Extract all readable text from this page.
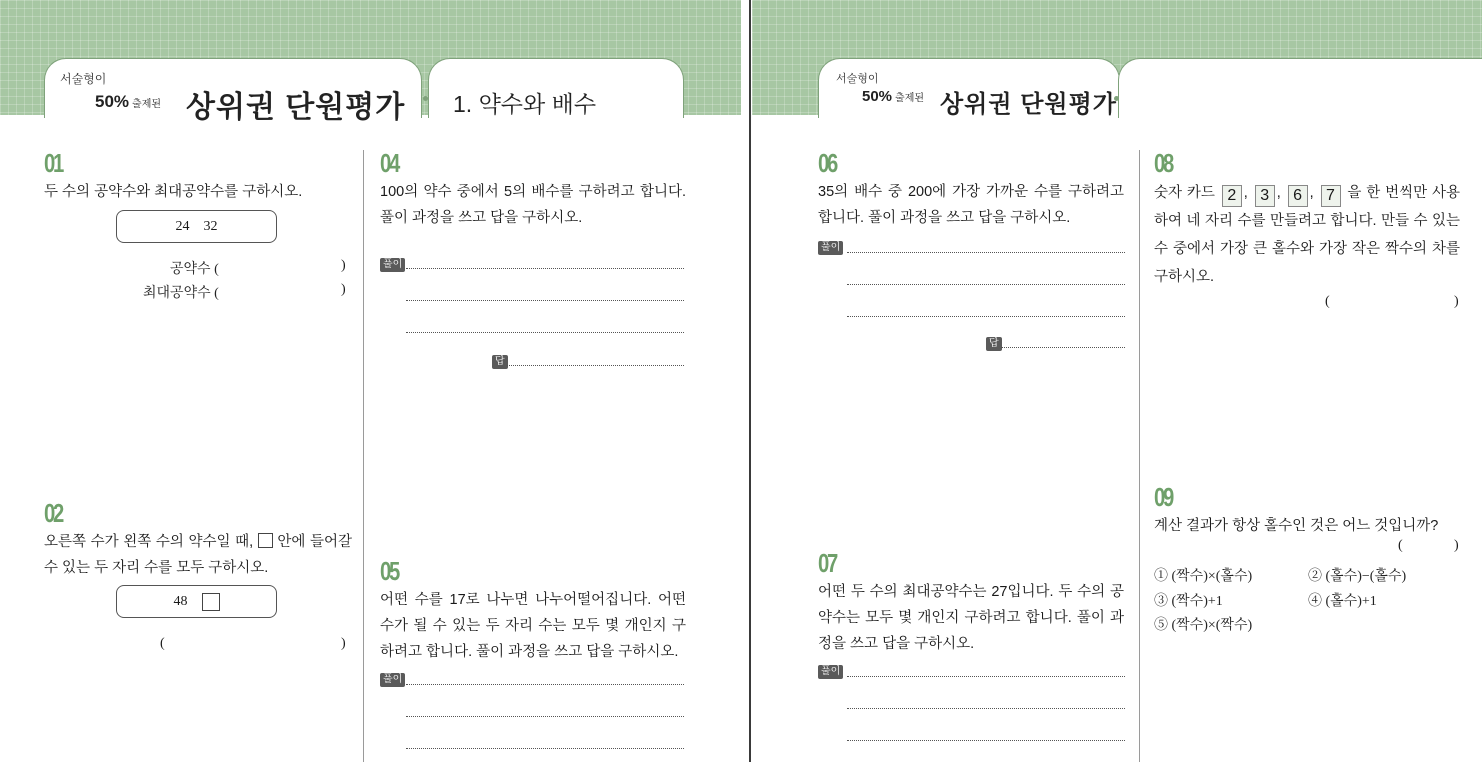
서술형이
50% 출제된 상위권 단원평가 1. 약수와 배수
01
두 수의 공약수와 최대공약수를 구하시오.
24    32
공약수 (	)
최대공약수 (	)
02
오른쪽 수가 왼쪽 수의 약수일 때, 안에 들어갈 수 있는 두 자리 수를 모두 구하시오.
48
(	)
04
100의 약수 중에서 5의 배수를 구하려고 합니다. 풀이 과정을 쓰고 답을 구하시오.
풀이
답
05
어떤 수를 17로 나누면 나누어떨어집니다. 어떤 수가 될 수 있는 두 자리 수는 모두 몇 개인지 구하려고 합니다. 풀이 과정을 쓰고 답을 구하시오.
풀이
서술형이
50% 출제된 상위권 단원평가
06
35의 배수 중 200에 가장 가까운 수를 구하려고 합니다. 풀이 과정을 쓰고 답을 구하시오.
풀이
답
07
어떤 두 수의 최대공약수는 27입니다. 두 수의 공약수는 모두 몇 개인지 구하려고 합니다. 풀이 과정을 쓰고 답을 구하시오.
풀이
08
숫자 카드 2 , 3 , 6 , 7 을 한 번씩만 사용하여 네 자리 수를 만들려고 합니다. 만들 수 있는 수 중에서 가장 큰 홀수와 가장 작은 짝수의 차를 구하시오.
(	)
09
계산 결과가 항상 홀수인 것은 어느 것입니까?
(	)
① (짝수)×(홀수)	② (홀수)−(홀수)
③ (짝수)+1	④ (홀수)+1
⑤ (짝수)×(짝수)
